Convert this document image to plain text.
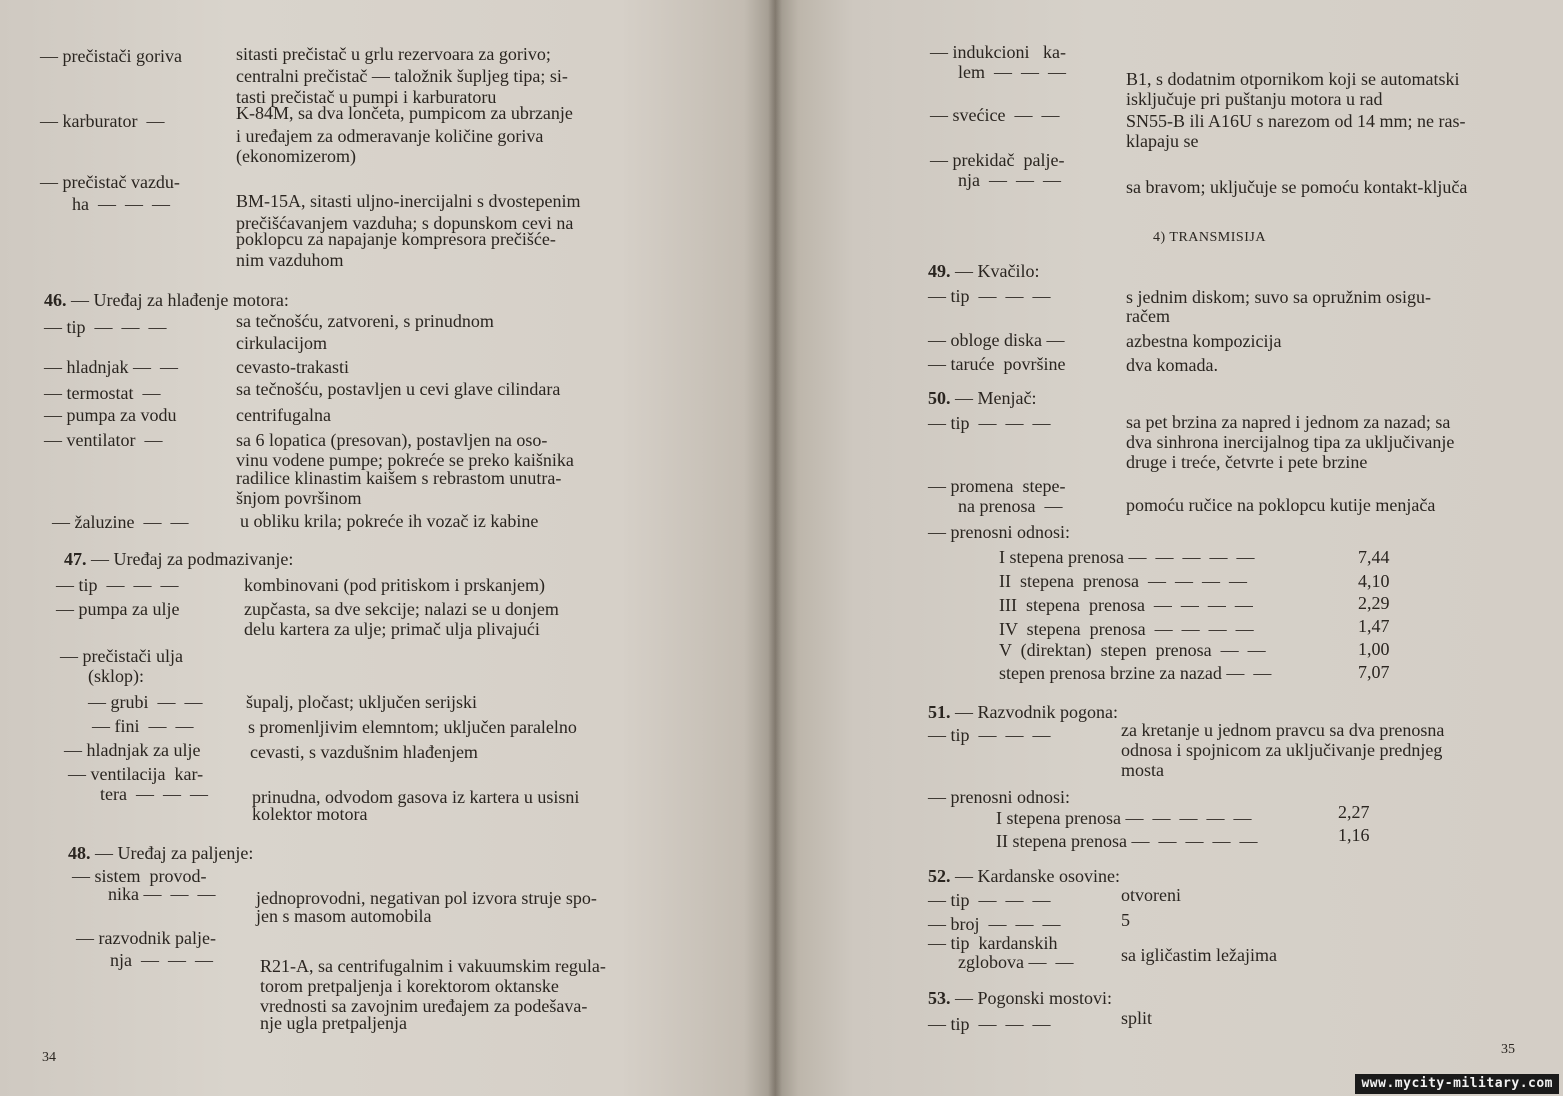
— prečistači goriva	sitasti prečistač u grlu rezervoara za gorivo;
centralni prečistač — taložnik šupljeg tipa; si-
tasti prečistač u pumpi i karburatoru
— karburator  —	K-84M, sa dva lončeta, pumpicom za ubrzanje
i uređajem za odmeravanje količine goriva
(ekonomizerom)
— prečistač vazdu-
ha  —  —  —	BM-15A, sitasti uljno-inercijalni s dvostepenim
prečišćavanjem vazduha; s dopunskom cevi na
poklopcu za napajanje kompresora prečišće-
nim vazduhom
46. — Uređaj za hlađenje motora:
— tip  —  —  —	sa tečnošću, zatvoreni, s prinudnom
cirkulacijom
— hladnjak —  —	cevasto-trakasti
— termostat  —	sa tečnošću, postavljen u cevi glave cilindara
— pumpa za vodu	centrifugalna
— ventilator  —	sa 6 lopatica (presovan), postavljen na oso-
vinu vodene pumpe; pokreće se preko kaišnika
radilice klinastim kaišem s rebrastom unutra-
šnjom površinom
— žaluzine  —  —	u obliku krila; pokreće ih vozač iz kabine
47. — Uređaj za podmazivanje:
— tip  —  —  —	kombinovani (pod pritiskom i prskanjem)
— pumpa za ulje	zupčasta, sa dve sekcije; nalazi se u donjem
delu kartera za ulje; primač ulja plivajući
— prečistači ulja
(sklop):
— grubi  —  — šupalj, pločast; uključen serijski
— fini  —  —	s promenljivim elemntom; uključen paralelno
— hladnjak za ulje	cevasti, s vazdušnim hlađenjem
— ventilacija  kar-
tera  —  —  — prinudna, odvodom gasova iz kartera u usisni
kolektor motora
48. — Uređaj za paljenje:
— sistem  provod-
nika —  —  — jednoprovodni, negativan pol izvora struje spo-
jen s masom automobila
— razvodnik palje-
nja  —  —  —	R21-A, sa centrifugalnim i vakuumskim regula-
torom pretpaljenja i korektorom oktanske
vrednosti sa zavojnim uređajem za podešava-
nje ugla pretpaljenja
— indukcioni   ka-
lem  —  —  —	B1, s dodatnim otpornikom koji se automatski
isključuje pri puštanju motora u rad
— svećice  —  —	SN55-B ili A16U s narezom od 14 mm; ne ras-
klapaju se
— prekidač  palje-
nja  —  —  —	sa bravom; uključuje se pomoću kontakt-ključa
49. — Kvačilo:
— tip  —  —  —	s jednim diskom; suvo sa opružnim osigu-
račem
— obloge diska —	azbestna kompozicija
— taruće  površine	dva komada.
50. — Menjač:
— tip  —  —  —	sa pet brzina za napred i jednom za nazad; sa
dva sinhrona inercijalnog tipa za uključivanje
druge i treće, četvrte i pete brzine
— promena  stepe-
na prenosa  —	pomoću ručice na poklopcu kutije menjača
— prenosni odnosi:
I stepena prenosa —  —  —  —  —	7,44
II  stepena  prenosa  —  —  —  —	4,10
III  stepena  prenosa  —  —  —  —	2,29
IV  stepena  prenosa  —  —  —  —	1,47
V  (direktan)  stepen  prenosa  —  —	1,00
stepen prenosa brzine za nazad —  —	7,07
51. — Razvodnik pogona:
— tip  —  —  —	za kretanje u jednom pravcu sa dva prenosna
odnosa i spojnicom za uključivanje prednjeg
mosta
— prenosni odnosi:
I stepena prenosa —  —  —  —  —	2,27
II stepena prenosa —  —  —  —  —	1,16
52. — Kardanske osovine:
— tip  —  —  —	otvoreni
— broj  —  —  —	5
— tip  kardanskih
zglobova —  —	sa igličastim ležajima
53. — Pogonski mostovi:
— tip  —  —  —	split
4) TRANSMISIJA
34
35
www.mycity-military.com
